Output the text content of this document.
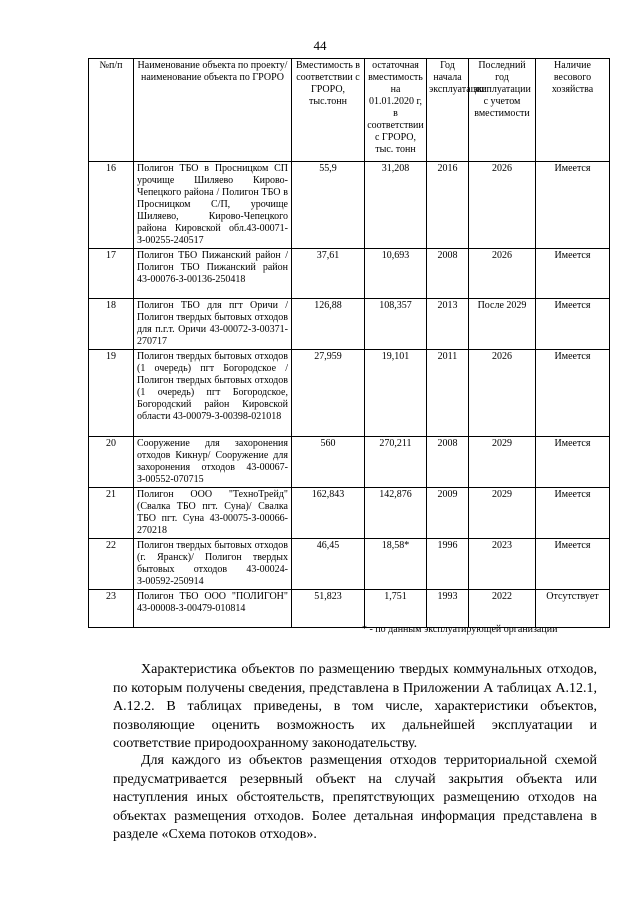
44
№п/п	Наименование объекта по проекту/ наименование объекта по ГРОРО	Вместимость в соответствии с ГРОРО, тыс.тонн	остаточная вместимость на 01.01.2020 г, в соответствии с ГРОРО, тыс. тонн	Год начала эксплуатации	Последний год эксплуатации с учетом вместимости	Наличие весового хозяйства
16	Полигон ТБО в Просницком СП урочище Шиляево Кирово-Чепецкого района / Полигон ТБО в Просницком С/П, урочище Шиляево, Кирово-Чепецкого района Кировской обл.43-00071-З-00255-240517	55,9	31,208	2016	2026	Имеется
17	Полигон ТБО Пижанский район / Полигон ТБО Пижанский район 43-00076-З-00136-250418	37,61	10,693	2008	2026	Имеется
18	Полигон ТБО для пгт Оричи / Полигон твердых бытовых отходов для п.г.т. Оричи 43-00072-З-00371-270717	126,88	108,357	2013	После 2029	Имеется
19	Полигон твердых бытовых отходов (1 очередь) пгт Богородское / Полигон твердых бытовых отходов (1 очередь) пгт Богородское, Богородский район Кировской области 43-00079-З-00398-021018	27,959	19,101	2011	2026	Имеется
20	Сооружение для захоронения отходов Кикнур/ Сооружение для захоронения отходов 43-00067-З-00552-070715	560	270,211	2008	2029	Имеется
21	Полигон ООО "ТехноТрейд" (Свалка ТБО пгт. Суна)/ Свалка ТБО пгт. Суна 43-00075-З-00066-270218	162,843	142,876	2009	2029	Имеется
22	Полигон твердых бытовых отходов (г. Яранск)/ Полигон твердых бытовых отходов 43-00024-З-00592-250914	46,45	18,58*	1996	2023	Имеется
23	Полигон ТБО ООО "ПОЛИГОН" 43-00008-З-00479-010814	51,823	1,751	1993	2022	Отсутствует
* - по данным эксплуатирующей организации

Характеристика объектов по размещению твердых коммунальных отходов, по которым получены сведения, представлена в Приложении А таблицах А.12.1, А.12.2. В таблицах приведены, в том числе, характеристики объектов, позволяющие оценить возможность их дальнейшей эксплуатации и соответствие природоохранному законодательству.

Для каждого из объектов размещения отходов территориальной схемой предусматривается резервный объект на случай закрытия объекта или наступления иных обстоятельств, препятствующих размещению отходов на объектах размещения отходов. Более детальная информация представлена в разделе «Схема потоков отходов».
